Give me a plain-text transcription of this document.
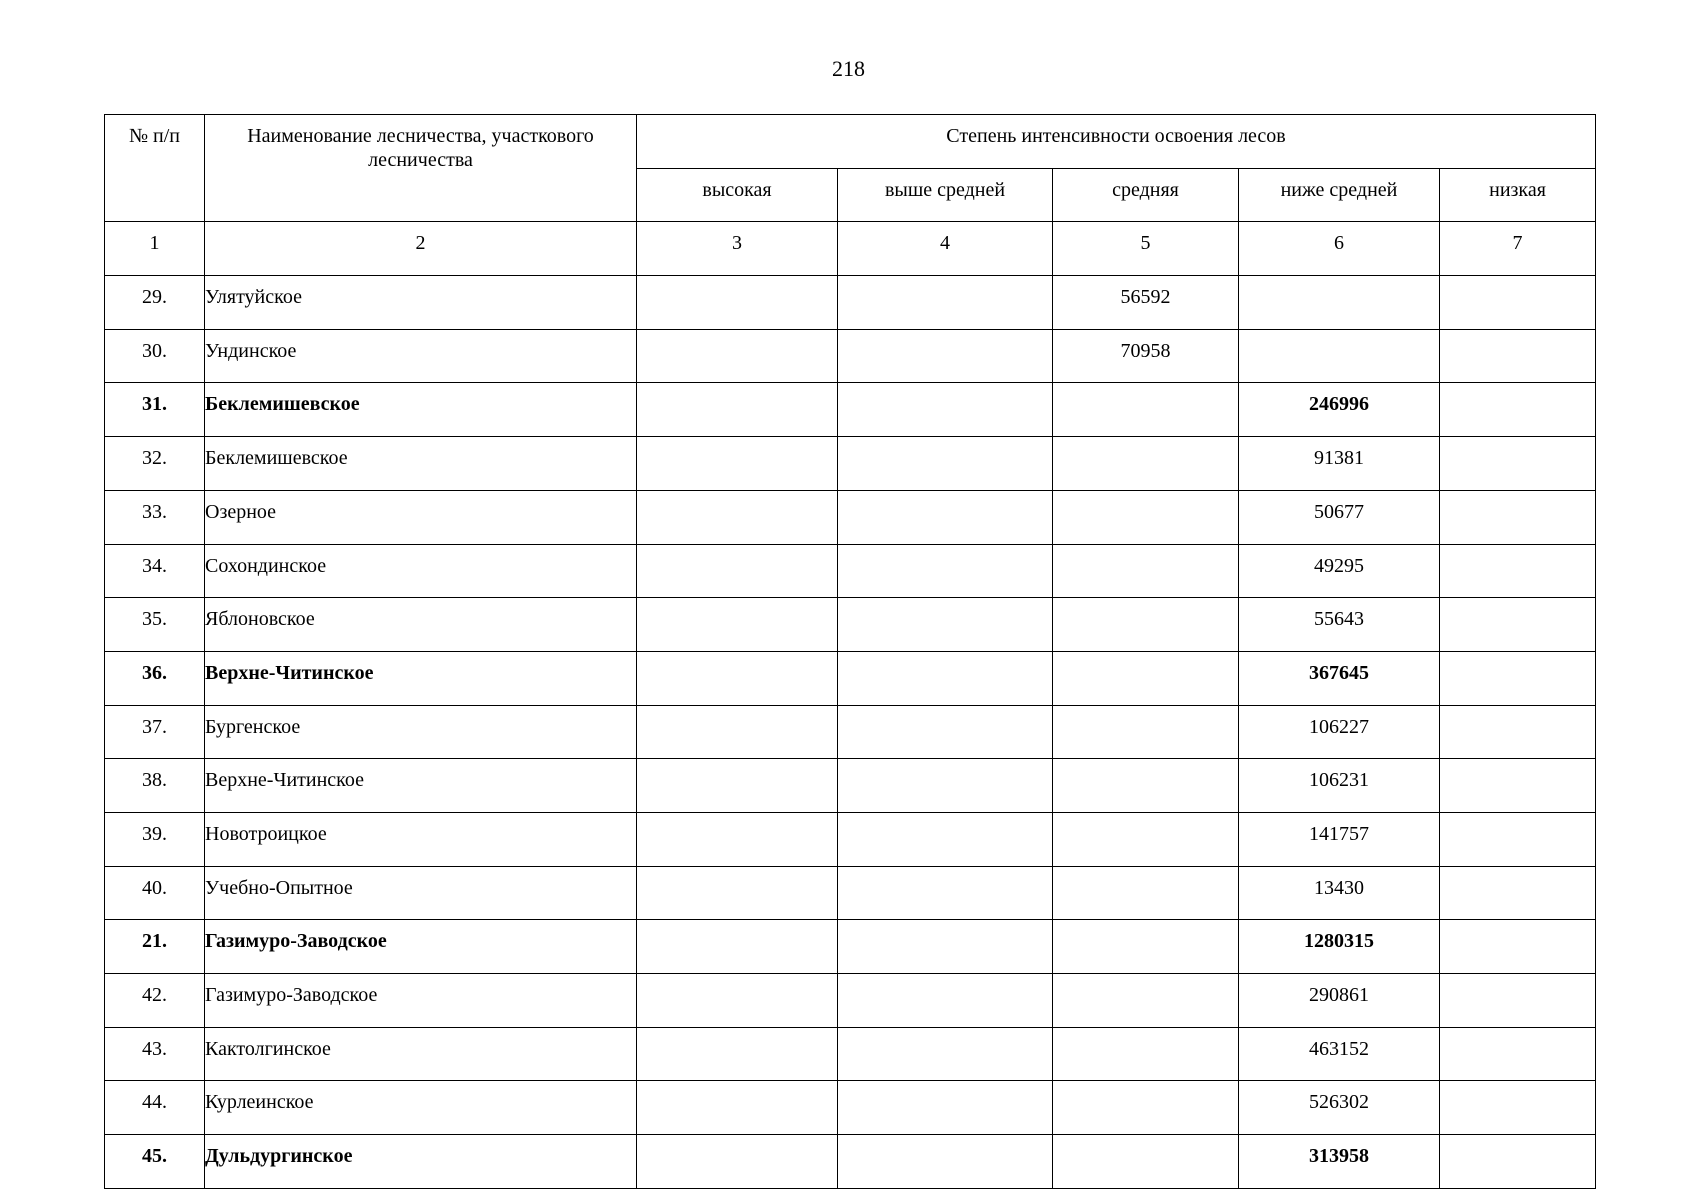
218
№ п/п	Наименование лесничества, участкового лесничества	Степень интенсивности освоения лесов				
		высокая	выше средней	средняя	ниже средней	низкая
1	2	3	4	5	6	7
29.	Улятуйское			56592		
30.	Ундинское			70958		
31.	Беклемишевское				246996	
32.	Беклемишевское				91381	
33.	Озерное				50677	
34.	Сохондинское				49295	
35.	Яблоновское				55643	
36.	Верхне-Читинское				367645	
37.	Бургенское				106227	
38.	Верхне-Читинское				106231	
39.	Новотроицкое				141757	
40.	Учебно-Опытное				13430	
21.	Газимуро-Заводское				1280315	
42.	Газимуро-Заводское				290861	
43.	Кактолгинское				463152	
44.	Курлеинское				526302	
45.	Дульдургинское				313958	
